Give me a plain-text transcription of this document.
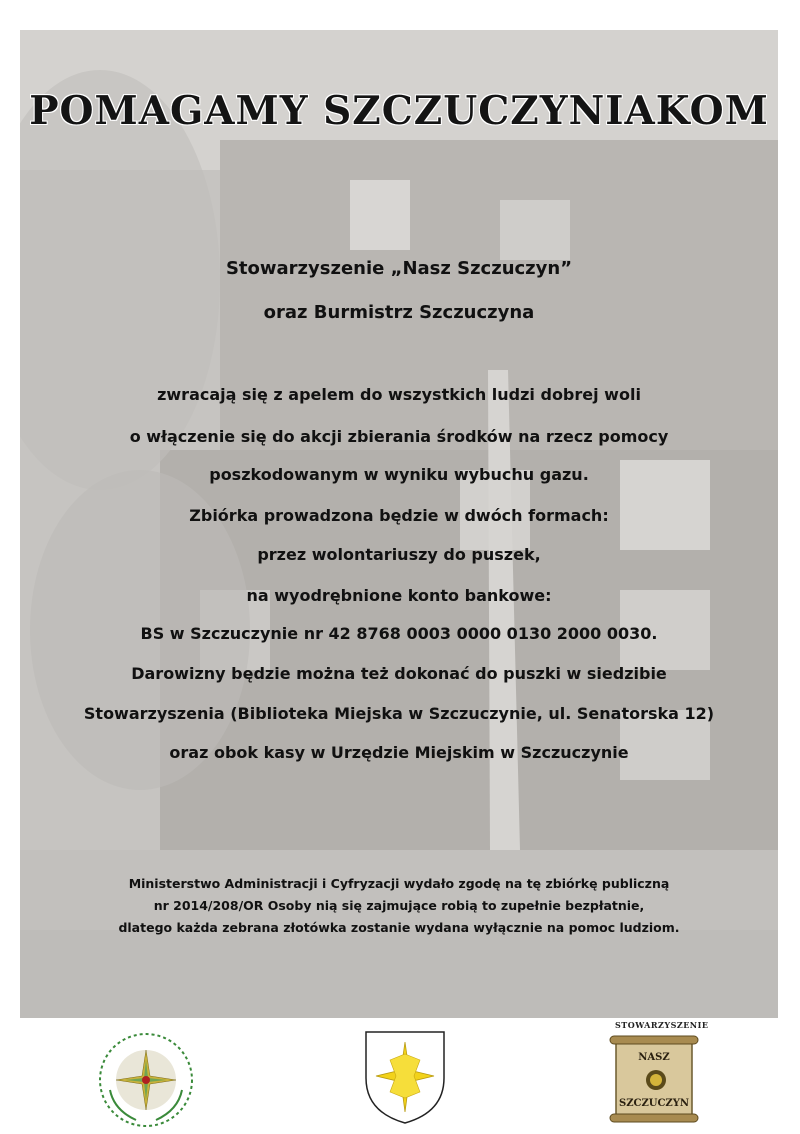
POMAGAMY SZCZUCZYNIAKOM
Stowarzyszenie „Nasz Szczuczyn”
oraz Burmistrz Szczuczyna
zwracają się z apelem do wszystkich ludzi dobrej woli
o włączenie się do akcji zbierania środków na rzecz pomocy
poszkodowanym w wyniku wybuchu gazu.
Zbiórka prowadzona będzie w dwóch formach:
przez wolontariuszy do puszek,
na wyodrębnione konto bankowe:
BS w Szczuczynie nr 42 8768 0003 0000 0130 2000 0030.
Darowizny będzie można też dokonać do puszki w siedzibie
Stowarzyszenia (Biblioteka Miejska w Szczuczynie, ul. Senatorska 12)
oraz obok kasy w Urzędzie Miejskim w Szczuczynie
Ministerstwo Administracji i Cyfryzacji wydało zgodę na tę zbiórkę publiczną
nr 2014/208/OR Osoby nią się zajmujące robią to zupełnie bezpłatnie,
dlatego każda zebrana złotówka zostanie wydana wyłącznie na pomoc ludziom.
STOWARZYSZENIE
NASZ
SZCZUCZYN
